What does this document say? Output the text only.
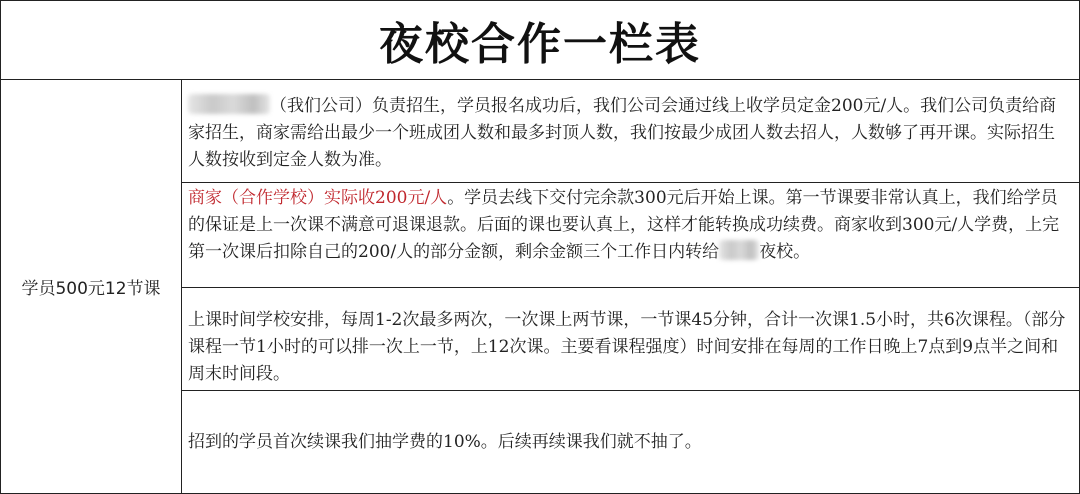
夜校合作一栏表
学员500元12节课
（我们公司）负责招生，学员报名成功后，我们公司会通过线上收学员定金200元/人。我们公司负责给商家招生，商家需给出最少一个班成团人数和最多封顶人数，我们按最少成团人数去招人，人数够了再开课。实际招生人数按收到定金人数为准。
商家（合作学校）实际收200元/人。学员去线下交付完余款300元后开始上课。第一节课要非常认真上，我们给学员的保证是上一次课不满意可退课退款。后面的课也要认真上，这样才能转换成功续费。商家收到300元/人学费，上完第一次课后扣除自己的200/人的部分金额，剩余金额三个工作日内转给 夜校。
上课时间学校安排，每周1-2次最多两次，一次课上两节课，一节课45分钟，合计一次课1.5小时，共6次课程。（部分课程一节1小时的可以排一次上一节，上12次课。主要看课程强度）时间安排在每周的工作日晚上7点到9点半之间和周末时间段。
招到的学员首次续课我们抽学费的10%。后续再续课我们就不抽了。
